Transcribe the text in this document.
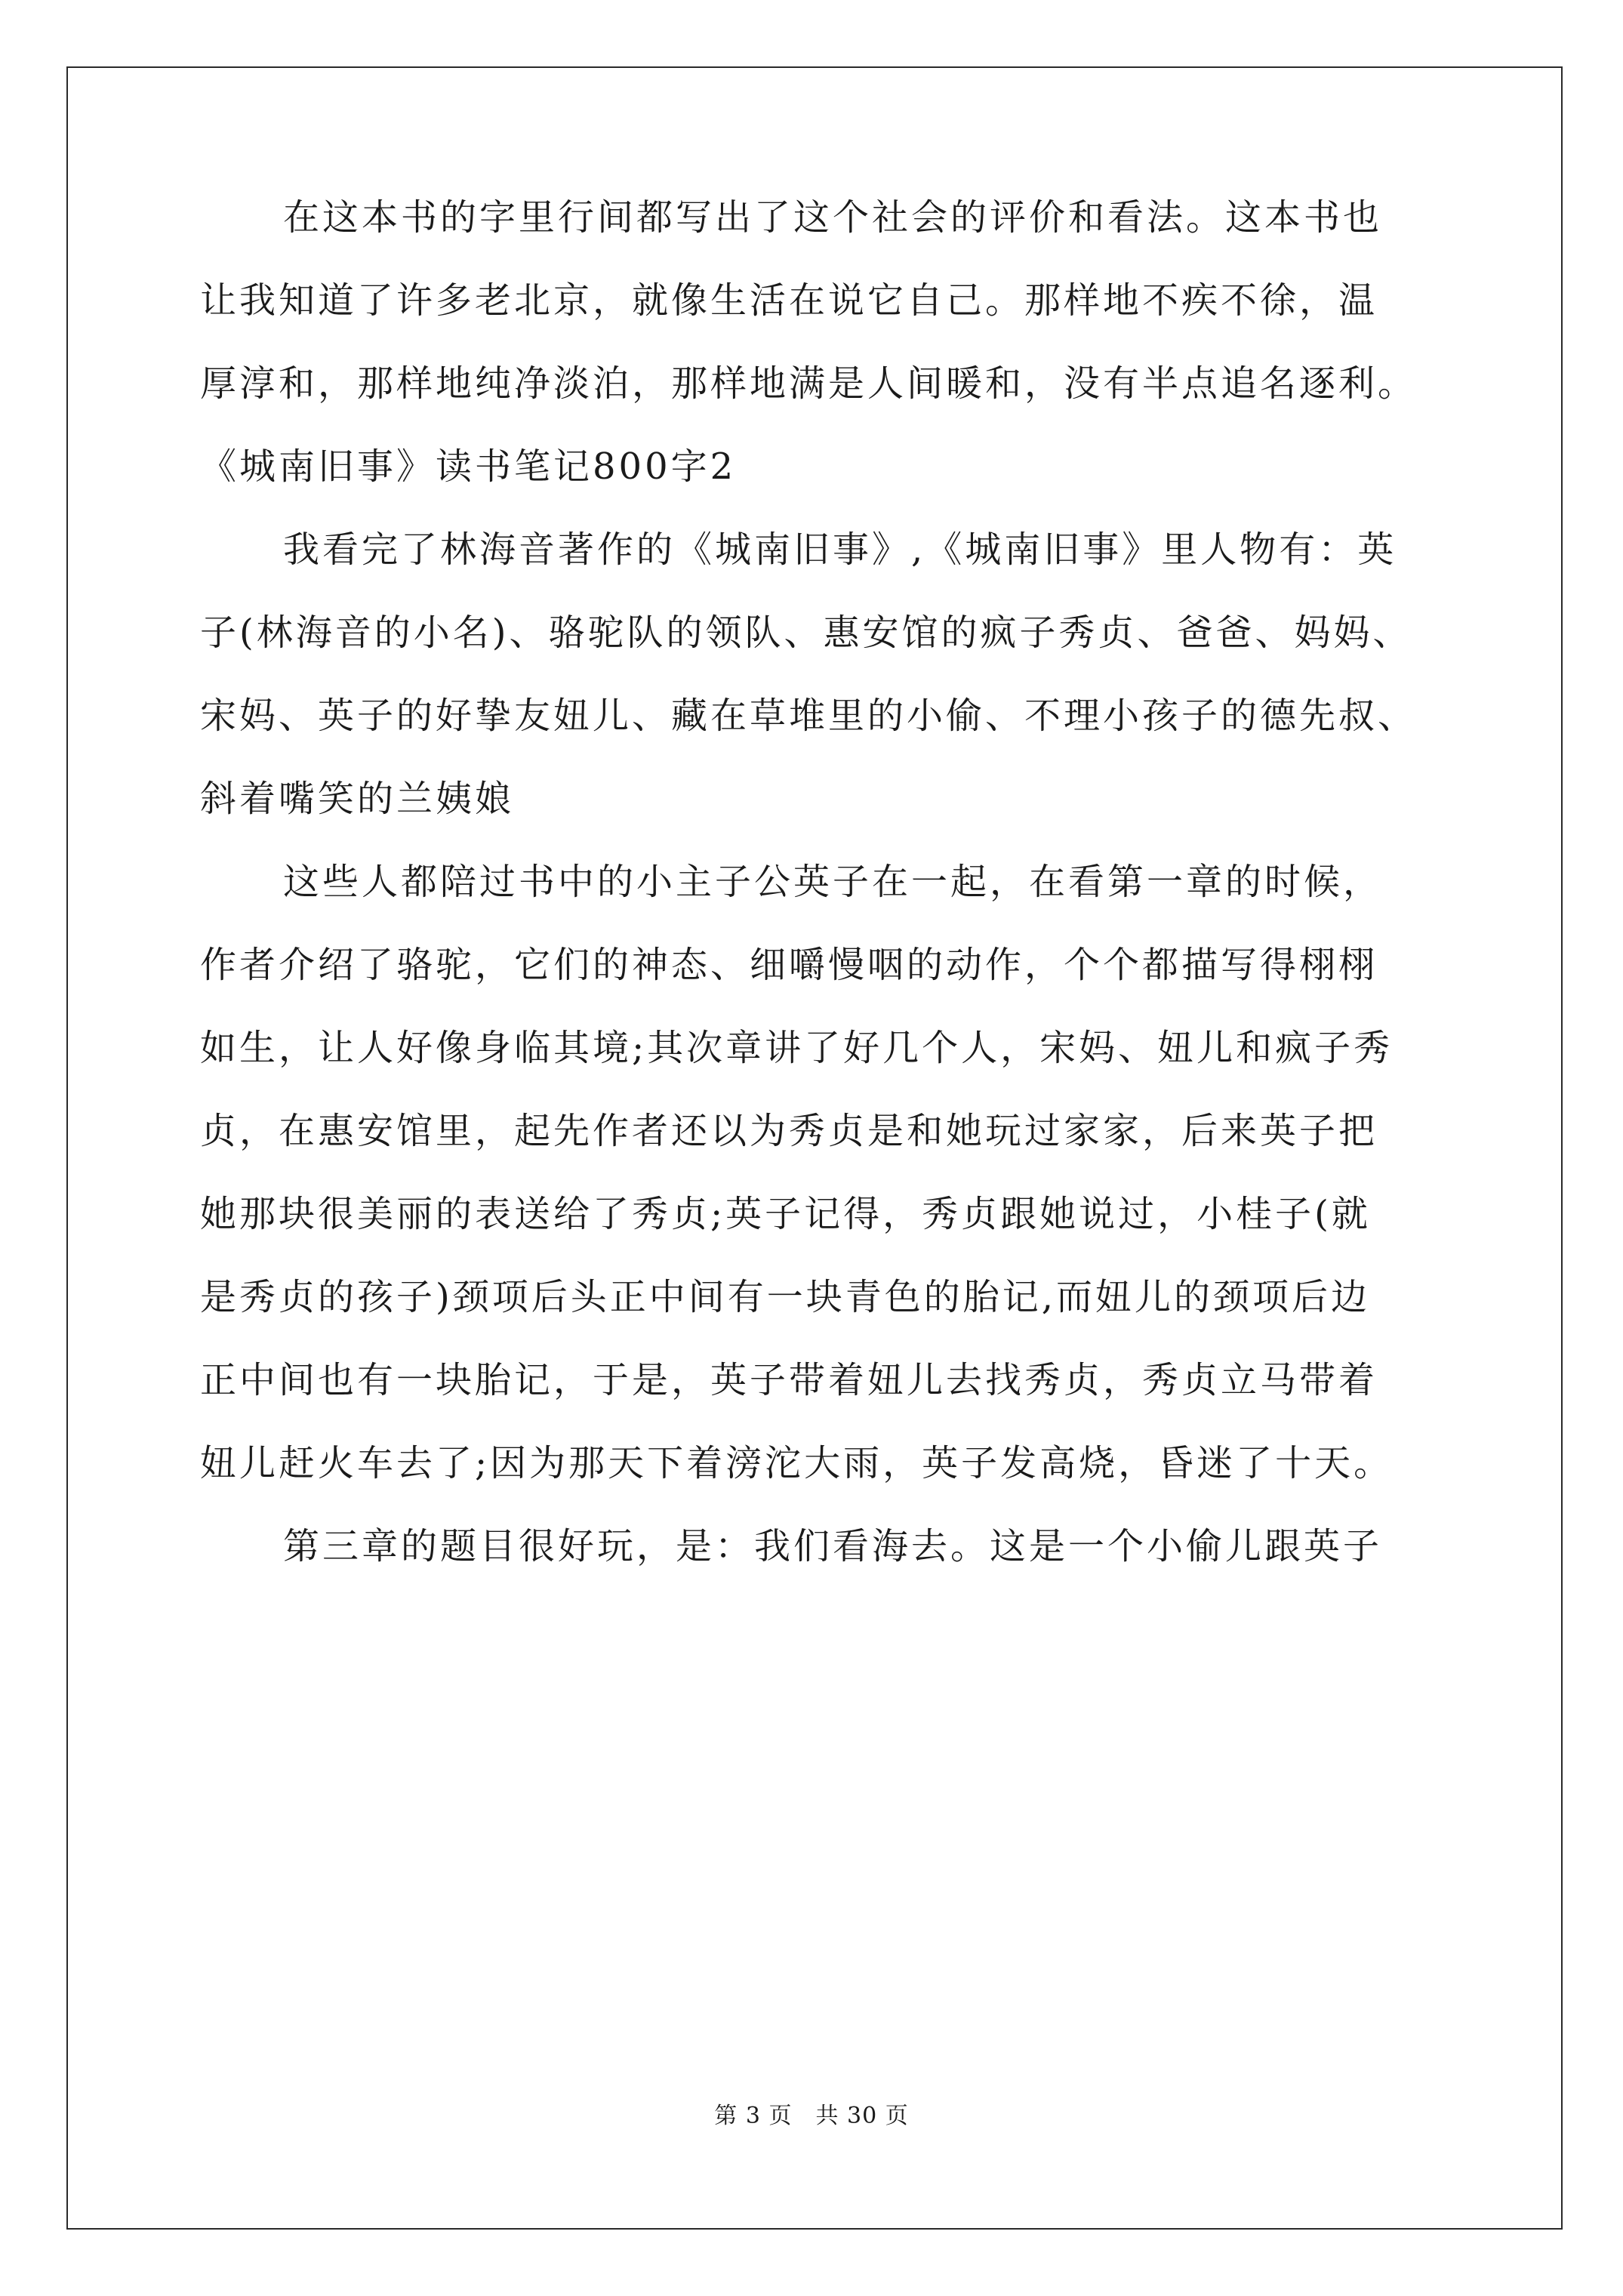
在这本书的字里行间都写出了这个社会的评价和看法。这本书也
让我知道了许多老北京，就像生活在说它自己。那样地不疾不徐，温
厚淳和，那样地纯净淡泊，那样地满是人间暖和，没有半点追名逐利。
《城南旧事》读书笔记800字2
我看完了林海音著作的《城南旧事》,《城南旧事》里人物有：英
子(林海音的小名)、骆驼队的领队、惠安馆的疯子秀贞、爸爸、妈妈、
宋妈、英子的好挚友妞儿、藏在草堆里的小偷、不理小孩子的德先叔、
斜着嘴笑的兰姨娘
这些人都陪过书中的小主子公英子在一起，在看第一章的时候，
作者介绍了骆驼，它们的神态、细嚼慢咽的动作，个个都描写得栩栩
如生，让人好像身临其境;其次章讲了好几个人，宋妈、妞儿和疯子秀
贞，在惠安馆里，起先作者还以为秀贞是和她玩过家家，后来英子把
她那块很美丽的表送给了秀贞;英子记得，秀贞跟她说过，小桂子(就
是秀贞的孩子)颈项后头正中间有一块青色的胎记,而妞儿的颈项后边
正中间也有一块胎记，于是，英子带着妞儿去找秀贞，秀贞立马带着
妞儿赶火车去了;因为那天下着滂沱大雨，英子发高烧，昏迷了十天。
第三章的题目很好玩，是：我们看海去。这是一个小偷儿跟英子
第 3 页　共 30 页
